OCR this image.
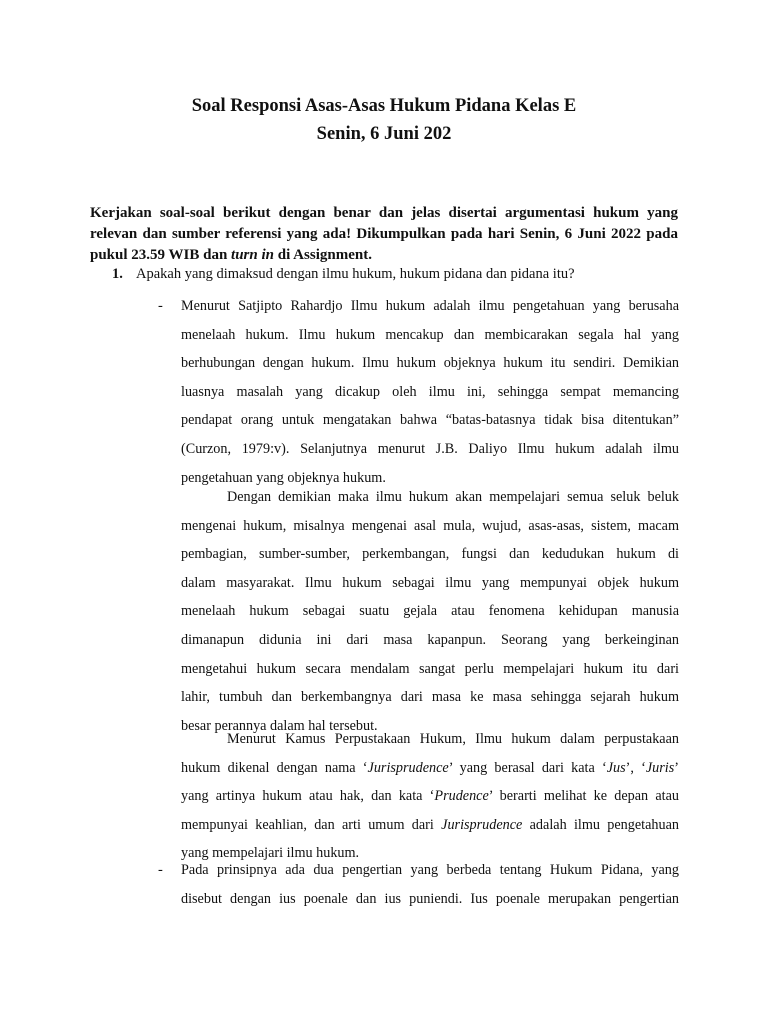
Soal Responsi Asas-Asas Hukum Pidana Kelas E
Senin, 6 Juni 202
Kerjakan soal-soal berikut dengan benar dan jelas disertai argumentasi hukum yang
relevan dan sumber referensi yang ada! Dikumpulkan pada hari Senin, 6 Juni 2022 pada
pukul 23.59 WIB dan turn in di Assignment.
1. Apakah yang dimaksud dengan ilmu hukum, hukum pidana dan pidana itu?
- Menurut Satjipto Rahardjo Ilmu hukum adalah ilmu pengetahuan yang berusaha
menelaah hukum. Ilmu hukum mencakup dan membicarakan segala hal yang
berhubungan dengan hukum. Ilmu hukum objeknya hukum itu sendiri. Demikian
luasnya masalah yang dicakup oleh ilmu ini, sehingga sempat memancing
pendapat orang untuk mengatakan bahwa “batas-batasnya tidak bisa ditentukan”
(Curzon, 1979:v). Selanjutnya menurut J.B. Daliyo Ilmu hukum adalah ilmu
pengetahuan yang objeknya hukum.
Dengan demikian maka ilmu hukum akan mempelajari semua seluk beluk
mengenai hukum, misalnya mengenai asal mula, wujud, asas-asas, sistem, macam
pembagian, sumber-sumber, perkembangan, fungsi dan kedudukan hukum di
dalam masyarakat. Ilmu hukum sebagai ilmu yang mempunyai objek hukum
menelaah hukum sebagai suatu gejala atau fenomena kehidupan manusia
dimanapun didunia ini dari masa kapanpun. Seorang yang berkeinginan
mengetahui hukum secara mendalam sangat perlu mempelajari hukum itu dari
lahir, tumbuh dan berkembangnya dari masa ke masa sehingga sejarah hukum
besar perannya dalam hal tersebut.
Menurut Kamus Perpustakaan Hukum, Ilmu hukum dalam perpustakaan
hukum dikenal dengan nama ‘Jurisprudence’ yang berasal dari kata ‘Jus’, ‘Juris’
yang artinya hukum atau hak, dan kata ‘Prudence’ berarti melihat ke depan atau
mempunyai keahlian, dan arti umum dari Jurisprudence adalah ilmu pengetahuan
yang mempelajari ilmu hukum.
- Pada prinsipnya ada dua pengertian yang berbeda tentang Hukum Pidana, yang
disebut dengan ius poenale dan ius puniendi. Ius poenale merupakan pengertian
